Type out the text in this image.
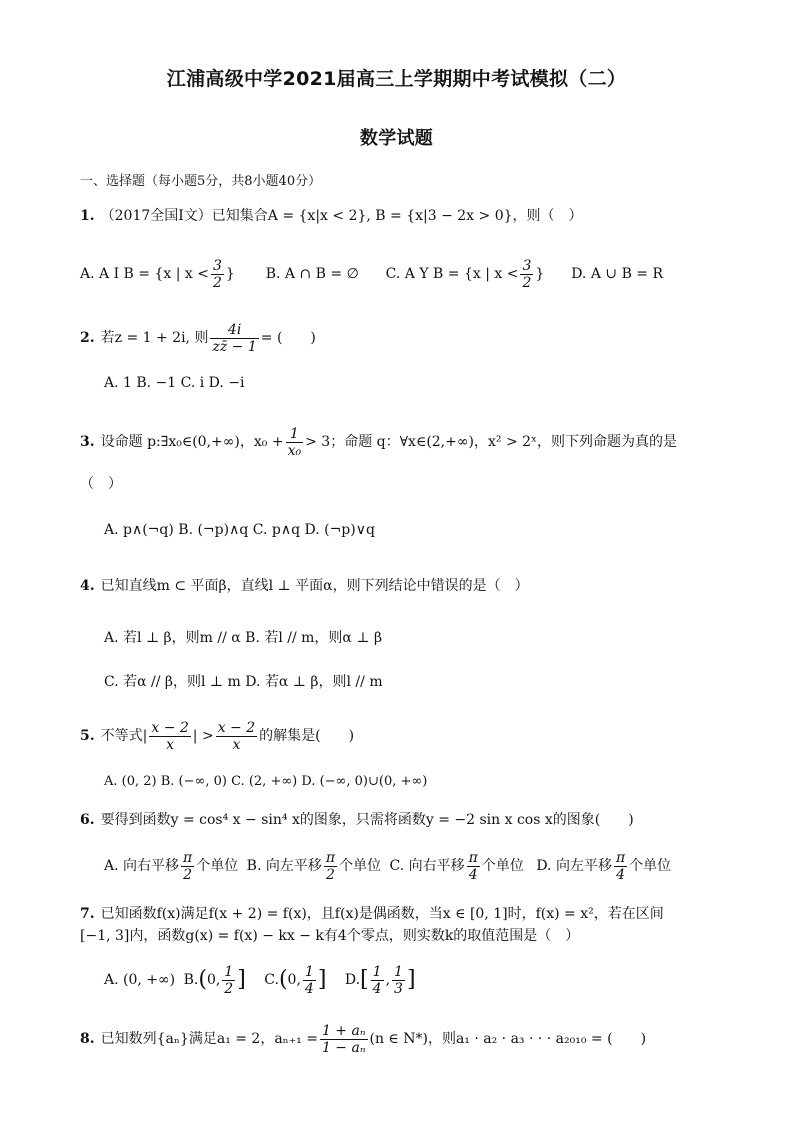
江浦高级中学2021届高三上学期期中考试模拟（二）
数学试题
一、选择题（每小题5分，共8小题40分）
1. （2017全国Ⅰ文）已知集合A = {x|x < 2}, B = {x|3 − 2x > 0}，则（　）
A. A I B = {x | $x < \frac{3}{2}$ } B. A ∩ B = ∅ C. A Y B = {x | $x < \frac{3}{2}$ } D. A ∪ B = R
2. 若z = 1 + 2i, 则 $\frac{4i}{zz̄ - 1}$ = (　　)
A. 1 B. −1 C. i D. −i
3. 设命题 p:∃x₀∈(0,+∞)，$x_0 + \frac{1}{\text{x₀}} > 3$；命题 q：∀x∈(2,+∞)，x² > 2ˣ，则下列命题为真的是
（　）
A. p∧(¬q) B. (¬p)∧q C. p∧q D. (¬p)∨q
4. 已知直线m ⊂ 平面β，直线l ⊥ 平面α，则下列结论中错误的是（　）
A. 若l ⊥ β，则m // α B. 若l // m，则α ⊥ β
C. 若α // β，则l ⊥ m D. 若α ⊥ β，则l // m
5. 不等式| $\frac{x - 2}{x}$ | > $\frac{x - 2}{x}$ 的解集是(　　)
A. (0, 2) B. (−∞, 0) C. (2, +∞) D. (−∞, 0)∪(0, +∞)
6. 要得到函数y = cos⁴ x − sin⁴ x的图象，只需将函数y = −2 sin x cos x的图象(　　)
A. 向右平移 $\frac{\pi}{2}$ 个单位 B. 向左平移 $\frac{\pi}{2}$ 个单位 C. 向右平移 $\frac{\pi}{4}$ 个单位 D. 向左平移 $\frac{\pi}{4}$ 个单位
7. 已知函数f(x)满足f(x + 2) = f(x)，且f(x)是偶函数，当x ∈ [0, 1]时，f(x) = x²，若在区间
[−1, 3]内，函数g(x) = f(x) − kx − k有4个零点，则实数k的取值范围是（　）
A. (0, +∞) B.(0, $\frac{1}{2}$ ] C.(0, $\frac{1}{4}$ ] $D.[ \frac{1}{4}$ , $\frac{1}{3}$ ]
8. 已知数列{aₙ}满足a₁ = 2，$a_{n+1} = \frac{\text{1 + aₙ}}{\text{1 − aₙ}} (n$ ∈ N*)，则a₁ · a₂ · a₃ · · · a₂₀₁₀ = (　　)
